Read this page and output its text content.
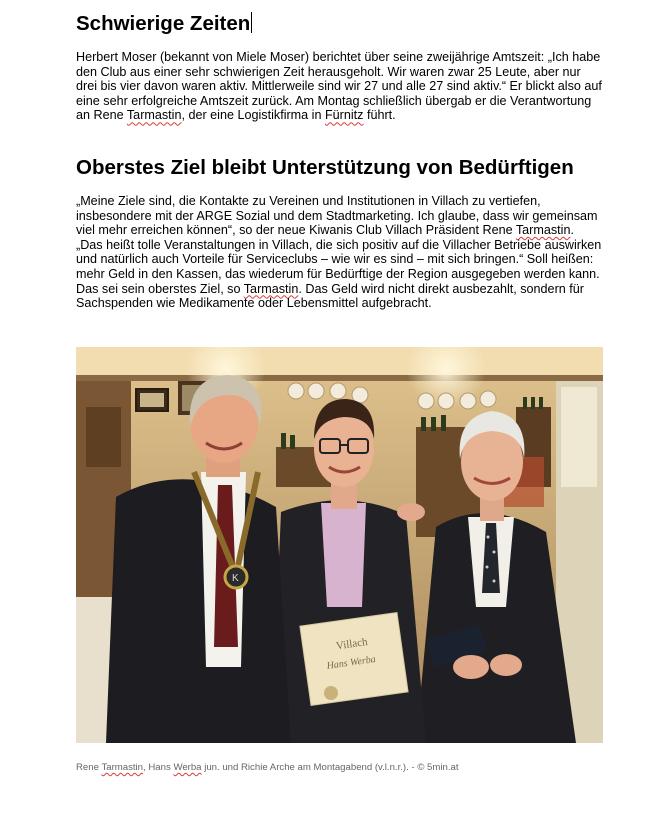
Schwierige Zeiten

Herbert Moser (bekannt von Miele Moser) berichtet über seine zweijährige Amtszeit: „Ich habe den Club aus einer sehr schwierigen Zeit herausgeholt. Wir waren zwar 25 Leute, aber nur drei bis vier davon waren aktiv. Mittlerweile sind wir 27 und alle 27 sind aktiv.“ Er blickt also auf eine sehr erfolgreiche Amtszeit zurück. Am Montag schließlich übergab er die Verantwortung an Rene Tarmastin, der eine Logistikfirma in Fürnitz führt.

Oberstes Ziel bleibt Unterstützung von Bedürftigen

„Meine Ziele sind, die Kontakte zu Vereinen und Institutionen in Villach zu vertiefen, insbesondere mit der ARGE Sozial und dem Stadtmarketing. Ich glaube, dass wir gemeinsam viel mehr erreichen können“, so der neue Kiwanis Club Villach Präsident Rene Tarmastin. „Das heißt tolle Veranstaltungen in Villach, die sich positiv auf die Villacher Betriebe auswirken und natürlich auch Vorteile für Serviceclubs – wie wir es sind – mit sich bringen.“ Soll heißen: mehr Geld in den Kassen, das wiederum für Bedürftige der Region ausgegeben werden kann. Das sei sein oberstes Ziel, so Tarmastin. Das Geld wird nicht direkt ausbezahlt, sondern für Sachspenden wie Medikamente oder Lebensmittel aufgebracht.

Villach
Hans Werba
K
Rene Tarmastin, Hans Werba jun. und Richie Arche am Montagabend (v.l.n.r.). - © 5min.at
